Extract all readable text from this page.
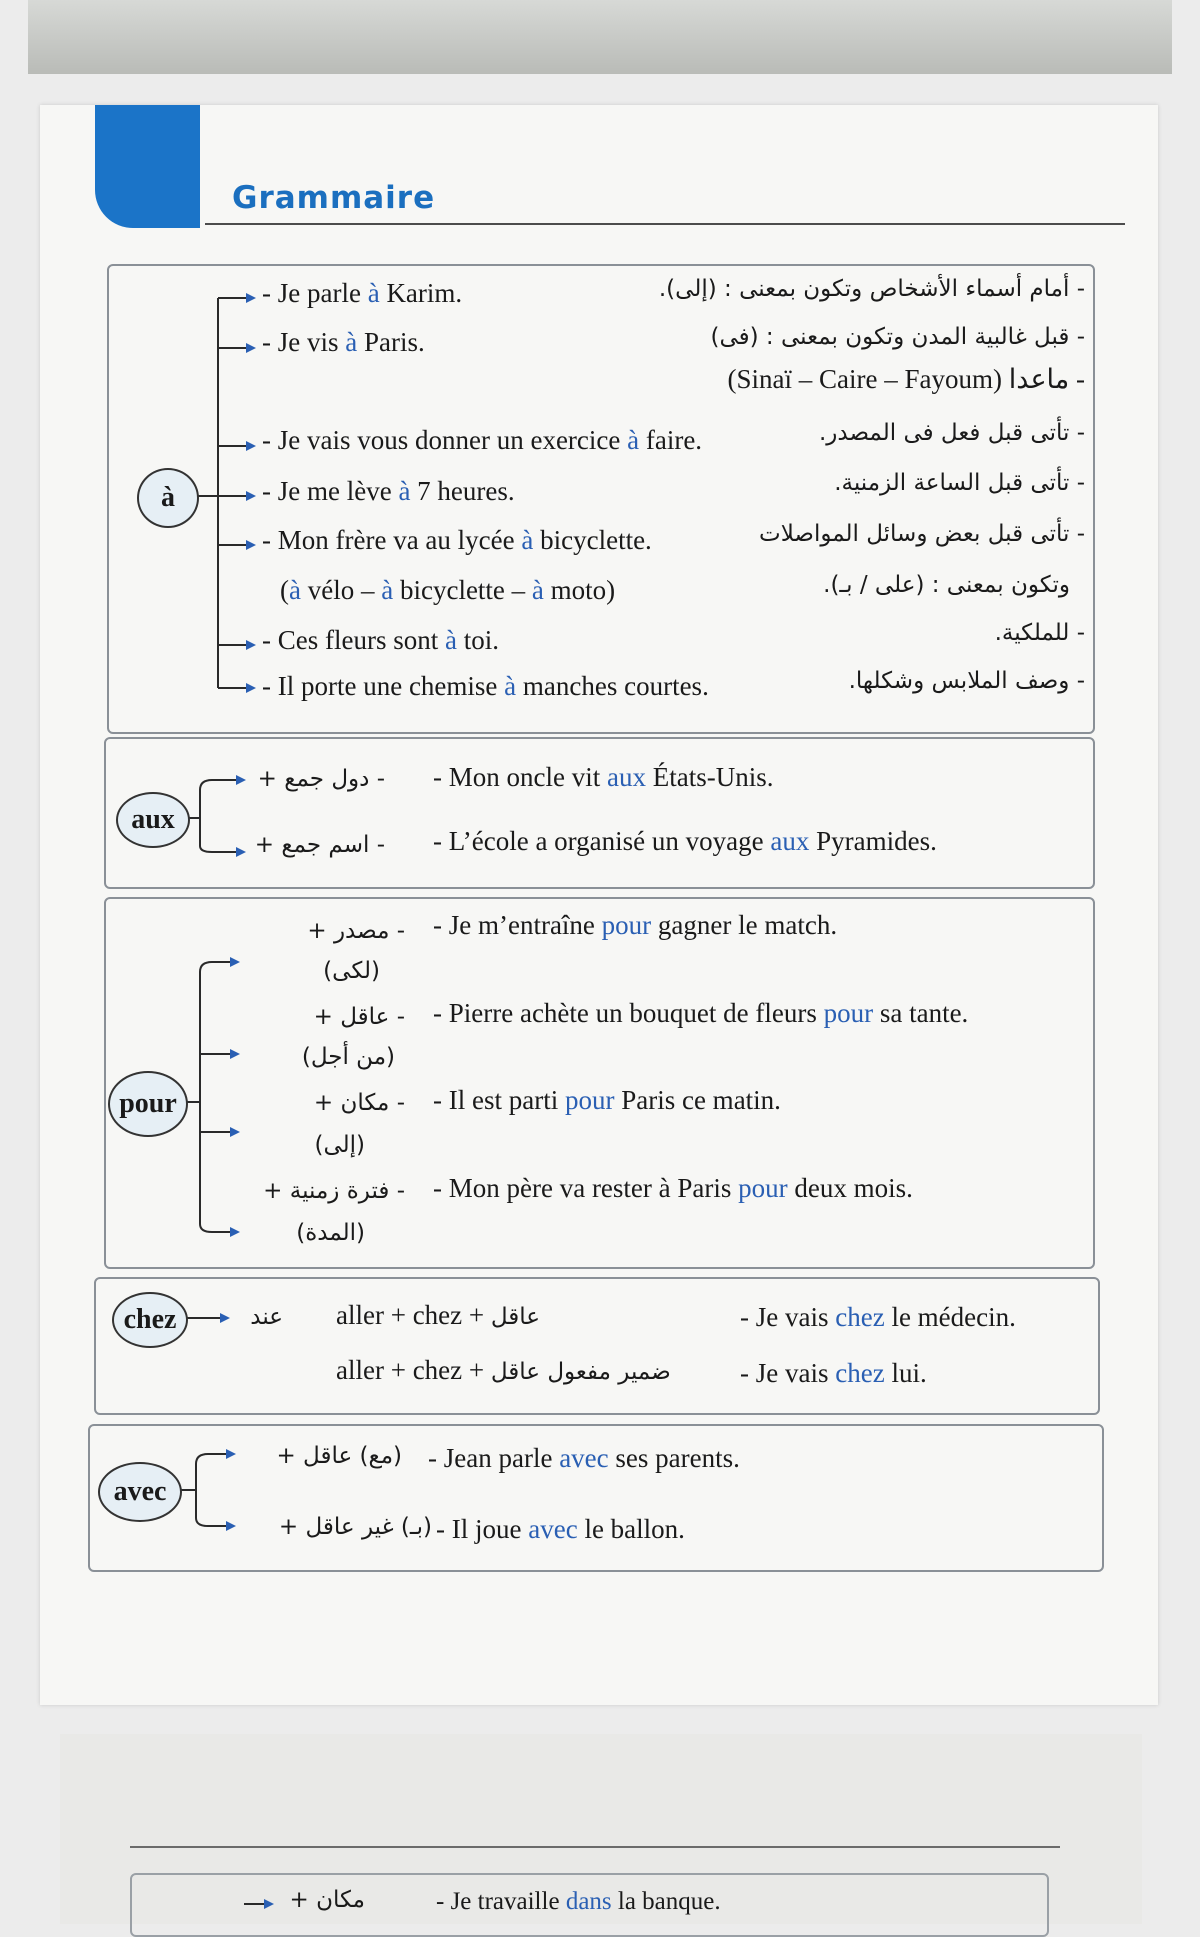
Grammaire
à
- Je parle à Karim.	- أمام أسماء الأشخاص وتكون بمعنى : (إلى).
- Je vis à Paris.	- قبل غالبية المدن وتكون بمعنى : (فى)
(Sinaï – Caire – Fayoum) ماعدا -
- Je vais vous donner un exercice à faire.	- تأتى قبل فعل فى المصدر.
- Je me lève à 7 heures.	- تأتى قبل الساعة الزمنية.
- Mon frère va au lycée à bicyclette.	- تأتى قبل بعض وسائل المواصلات
(à vélo – à bicyclette – à moto)	وتكون بمعنى : (على / بـ).
- Ces fleurs sont à toi.	- للملكية.
- Il porte une chemise à manches courtes.	- وصف الملابس وشكلها.
aux
- دول جمع + - Mon oncle vit aux États-Unis.
- اسم جمع + - L’école a organisé un voyage aux Pyramides.
pour
- مصدر +
(لكى)
- Je m’entraîne pour gagner le match.
- عاقل +
(من أجل)
- Pierre achète un bouquet de fleurs pour sa tante.
- مكان +
(إلى)
- Il est parti pour Paris ce matin.
- فترة زمنية +
(المدة)
- Mon père va rester à Paris pour deux mois.
chez	عند aller + chez + عاقل	- Je vais chez le médecin.
aller + chez + ضمير مفعول عاقل	- Je vais chez lui.
avec
(مع) عاقل + - Jean parle avec ses parents.
(بـ) غير عاقل + - Il joue avec le ballon.
مكان +	- Je travaille dans la banque.
